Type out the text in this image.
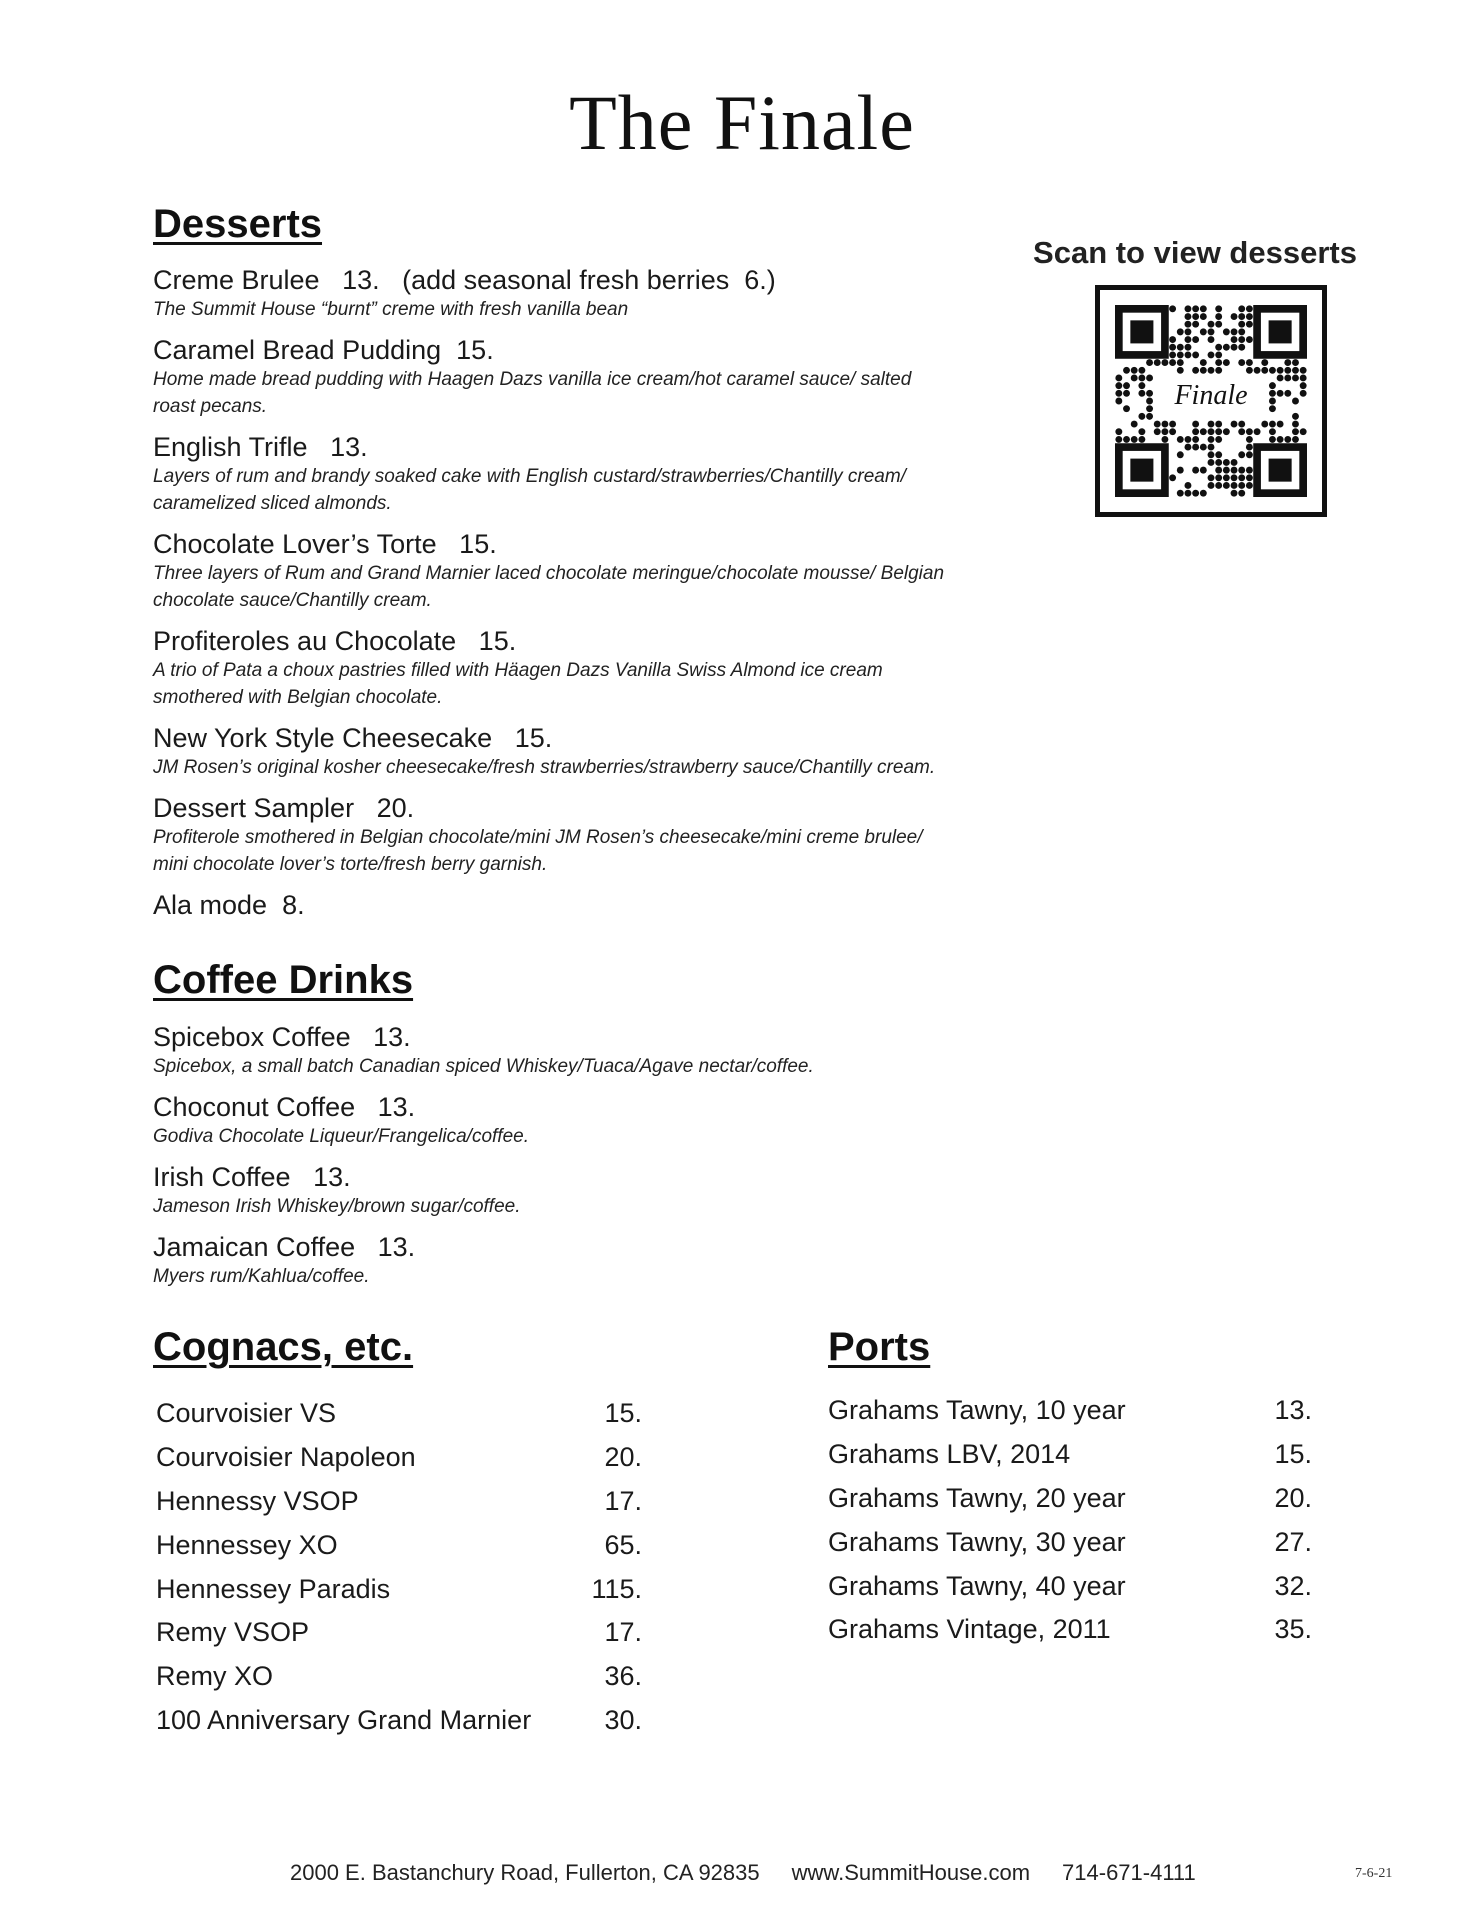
The Finale
Desserts
Creme Brulee   13.   (add seasonal fresh berries  6.)
The Summit House “burnt” creme with fresh vanilla bean
Caramel Bread Pudding  15.
Home made bread pudding with Haagen Dazs vanilla ice cream/hot caramel sauce/ salted roast pecans.
English Trifle   13.
Layers of rum and brandy soaked cake with English custard/strawberries/Chantilly cream/ caramelized sliced almonds.
Chocolate Lover’s Torte   15.
Three layers of Rum and Grand Marnier laced chocolate meringue/chocolate mousse/ Belgian chocolate sauce/Chantilly cream.
Profiteroles au Chocolate   15.
A trio of Pata a choux pastries filled with Häagen Dazs Vanilla Swiss Almond ice cream smothered with Belgian chocolate.
New York Style Cheesecake   15.
JM Rosen’s original kosher cheesecake/fresh strawberries/strawberry sauce/Chantilly cream.
Dessert Sampler   20.
Profiterole smothered in Belgian chocolate/mini JM Rosen’s cheesecake/mini creme brulee/ mini chocolate lover’s torte/fresh berry garnish.
Ala mode  8.
Scan to view desserts
Finale
Coffee Drinks
Spicebox Coffee   13.
Spicebox, a small batch Canadian spiced Whiskey/Tuaca/Agave nectar/coffee.
Choconut Coffee   13.
Godiva Chocolate Liqueur/Frangelica/coffee.
Irish Coffee   13.
Jameson Irish Whiskey/brown sugar/coffee.
Jamaican Coffee   13.
Myers rum/Kahlua/coffee.
Cognacs, etc.
Courvoisier VS	15.
Courvoisier Napoleon	20.
Hennessy VSOP	17.
Hennessey XO	65.
Hennessey Paradis	115.
Remy VSOP	17.
Remy XO	36.
100 Anniversary Grand Marnier	30.
Ports
Grahams Tawny, 10 year	13.
Grahams LBV, 2014	15.
Grahams Tawny, 20 year	20.
Grahams Tawny, 30 year	27.
Grahams Tawny, 40 year	32.
Grahams Vintage, 2011	35.
2000 E. Bastanchury Road, Fullerton, CA 92835 www.SummitHouse.com 714-671-4111	7-6-21
